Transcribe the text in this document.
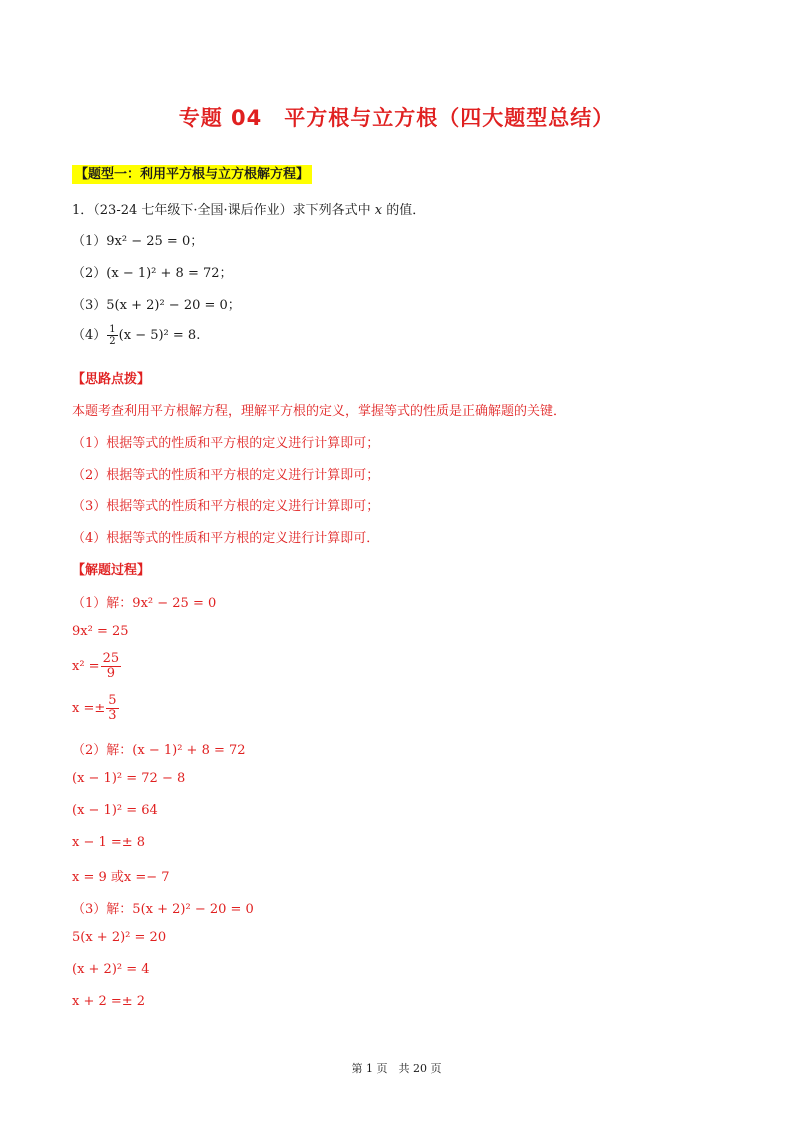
专题 04　平方根与立方根（四大题型总结）
【题型一：利用平方根与立方根解方程】
1．（23-24 七年级下·全国·课后作业）求下列各式中 x 的值．
（1）9x² − 25 = 0；
（2）(x − 1)² + 8 = 72；
（3）5(x + 2)² − 20 = 0；
$(4) \frac{1}{2} (x - 5)^2 = 8$.
【思路点拨】
本题考查利用平方根解方程，理解平方根的定义，掌握等式的性质是正确解题的关键．
（1）根据等式的性质和平方根的定义进行计算即可；
（2）根据等式的性质和平方根的定义进行计算即可；
（3）根据等式的性质和平方根的定义进行计算即可；
（4）根据等式的性质和平方根的定义进行计算即可．
【解题过程】
（1）解：9x² − 25 = 0
9x² = 25
$x^2 = \frac{25}{9}$
$x =\pm \frac{5}{3}$
（2）解：(x − 1)² + 8 = 72
(x − 1)² = 72 − 8
(x − 1)² = 64
x − 1 =± 8
x = 9 或x =− 7
（3）解：5(x + 2)² − 20 = 0
5(x + 2)² = 20
(x + 2)² = 4
x + 2 =± 2
第 1 页　共 20 页
